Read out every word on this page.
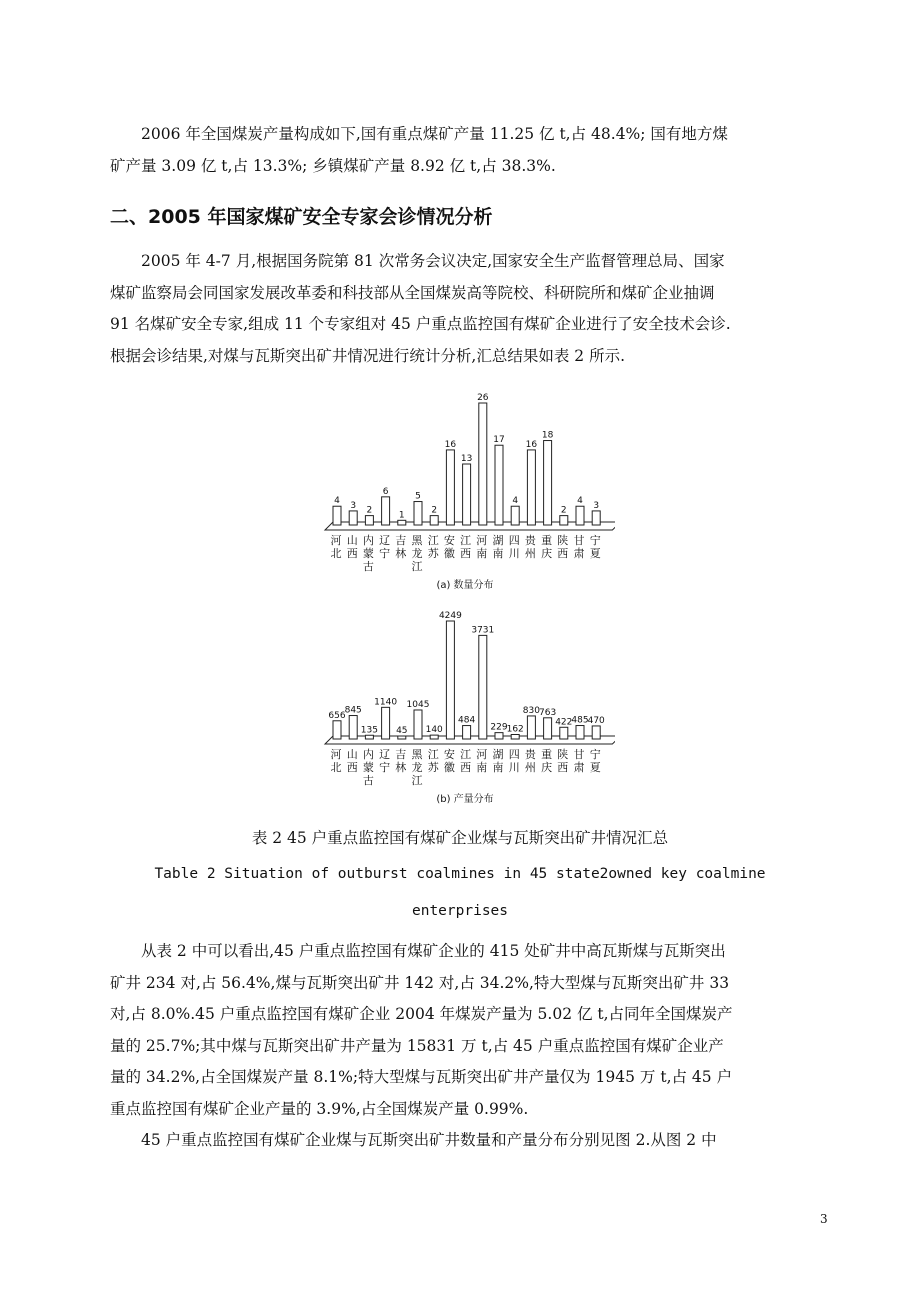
2006 年全国煤炭产量构成如下,国有重点煤矿产量 11.25 亿 t,占 48.4%; 国有地方煤
矿产量 3.09 亿 t,占 13.3%; 乡镇煤矿产量 8.92 亿 t,占 38.3%.
二、2005 年国家煤矿安全专家会诊情况分析
2005 年 4-7 月,根据国务院第 81 次常务会议决定,国家安全生产监督管理总局、国家
煤矿监察局会同国家发展改革委和科技部从全国煤炭高等院校、科研院所和煤矿企业抽调
91 名煤矿安全专家,组成 11 个专家组对 45 户重点监控国有煤矿企业进行了安全技术会诊.
根据会诊结果,对煤与瓦斯突出矿井情况进行统计分析,汇总结果如表 2 所示.
4
河
北
3
山
西
2
内
蒙
古
6
辽
宁
1
吉
林
5
黑
龙
江
2
江
苏
16
安
徽
13
江
西
26
河
南
17
湖
南
4
四
川
16
贵
州
18
重
庆
2
陕
西
4
甘
肃
3
宁
夏
(a) 数量分布
656
河
北
845
山
西
135
内
蒙
古
1140
辽
宁
45
吉
林
1045
黑
龙
江
140
江
苏
4249
安
徽
484
江
西
3731
河
南
229
湖
南
162
四
川
830
贵
州
763
重
庆
422
陕
西
485
甘
肃
470
宁
夏
(b) 产量分布
表 2 45 户重点监控国有煤矿企业煤与瓦斯突出矿井情况汇总
Table 2 Situation of outburst coalmines in 45 state2owned key coalmine
enterprises
从表 2 中可以看出,45 户重点监控国有煤矿企业的 415 处矿井中高瓦斯煤与瓦斯突出
矿井 234 对,占 56.4%,煤与瓦斯突出矿井 142 对,占 34.2%,特大型煤与瓦斯突出矿井 33
对,占 8.0%.45 户重点监控国有煤矿企业 2004 年煤炭产量为 5.02 亿 t,占同年全国煤炭产
量的 25.7%;其中煤与瓦斯突出矿井产量为 15831 万 t,占 45 户重点监控国有煤矿企业产
量的 34.2%,占全国煤炭产量 8.1%;特大型煤与瓦斯突出矿井产量仅为 1945 万 t,占 45 户
重点监控国有煤矿企业产量的 3.9%,占全国煤炭产量 0.99%.
45 户重点监控国有煤矿企业煤与瓦斯突出矿井数量和产量分布分别见图 2.从图 2 中
3
